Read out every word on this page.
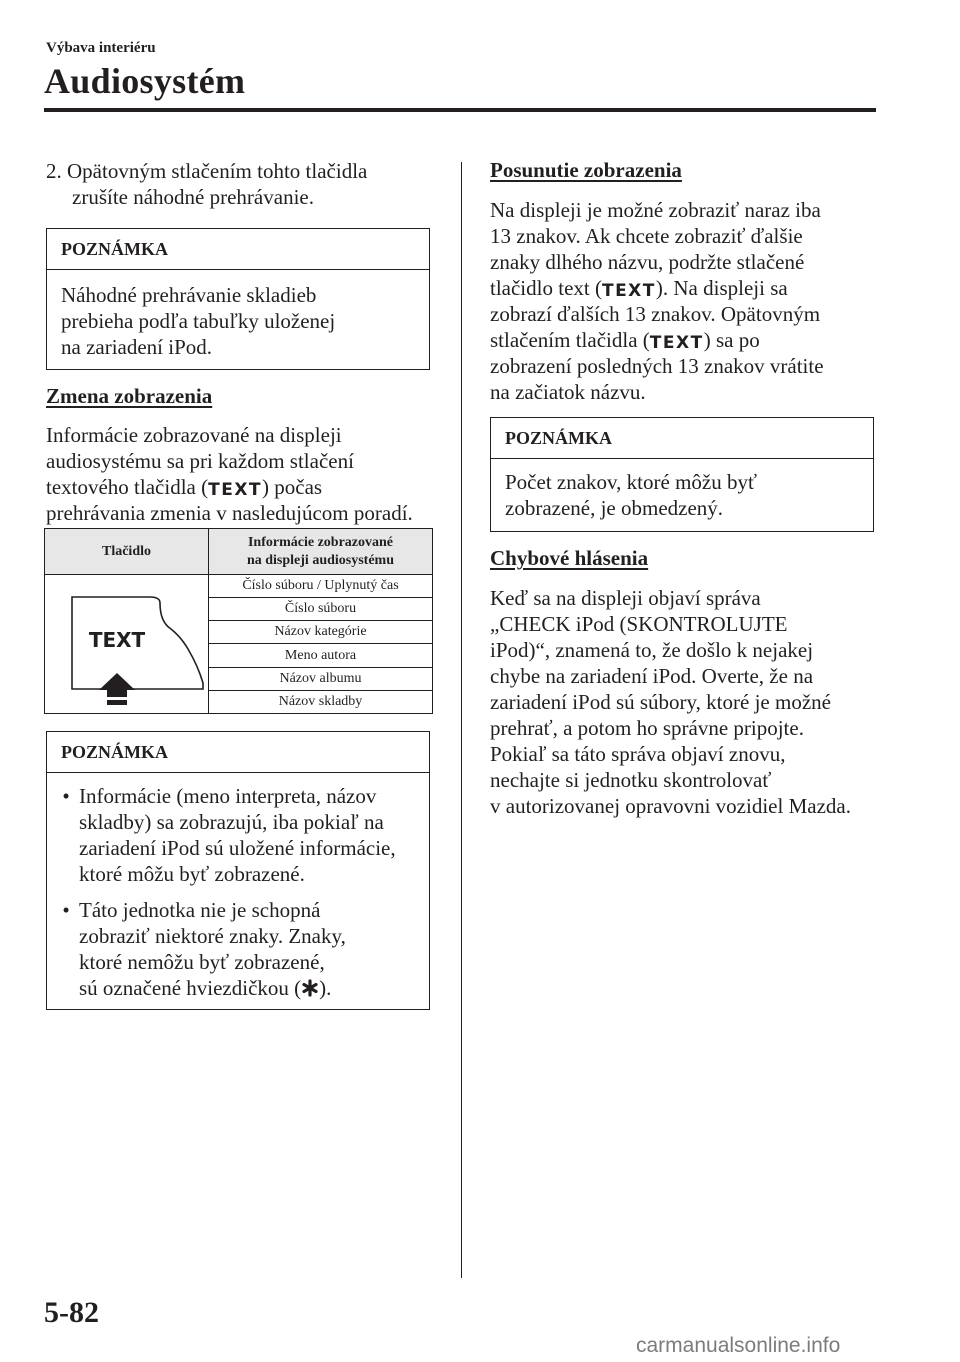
Výbava interiéru
Audiosystém
2. Opätovným stlačením tohto tlačidla
zrušíte náhodné prehrávanie.
POZNÁMKA
Náhodné prehrávanie skladieb
prebieha podľa tabuľky uloženej
na zariadení iPod.
Zmena zobrazenia
Informácie zobrazované na displeji
audiosystému sa pri každom stlačení
textového tlačidla (TEXT) počas
prehrávania zmenia v nasledujúcom poradí.
Tlačidlo	Informácie zobrazované
na displeji audiosystému

TEXT	Číslo súboru / Uplynutý čas
	Číslo súboru
	Názov kategórie
	Meno autora
	Názov albumu
	Názov skladby
POZNÁMKA
• Informácie (meno interpreta, názov
skladby) sa zobrazujú, iba pokiaľ na
zariadení iPod sú uložené informácie,
ktoré môžu byť zobrazené.
• Táto jednotka nie je schopná
zobraziť niektoré znaky. Znaky,
ktoré nemôžu byť zobrazené,
sú označené hviezdičkou ( ).
Posunutie zobrazenia
Na displeji je možné zobraziť naraz iba
13 znakov. Ak chcete zobraziť ďalšie
znaky dlhého názvu, podržte stlačené
tlačidlo text (TEXT). Na displeji sa
zobrazí ďalších 13 znakov. Opätovným
stlačením tlačidla (TEXT) sa po
zobrazení posledných 13 znakov vrátite
na začiatok názvu.
POZNÁMKA
Počet znakov, ktoré môžu byť
zobrazené, je obmedzený.
Chybové hlásenia
Keď sa na displeji objaví správa
„CHECK iPod (SKONTROLUJTE
iPod)“, znamená to, že došlo k nejakej
chybe na zariadení iPod. Overte, že na
zariadení iPod sú súbory, ktoré je možné
prehrať, a potom ho správne pripojte.
Pokiaľ sa táto správa objaví znovu,
nechajte si jednotku skontrolovať
v autorizovanej opravovni vozidiel Mazda.
5-82
carmanualsonline.info
